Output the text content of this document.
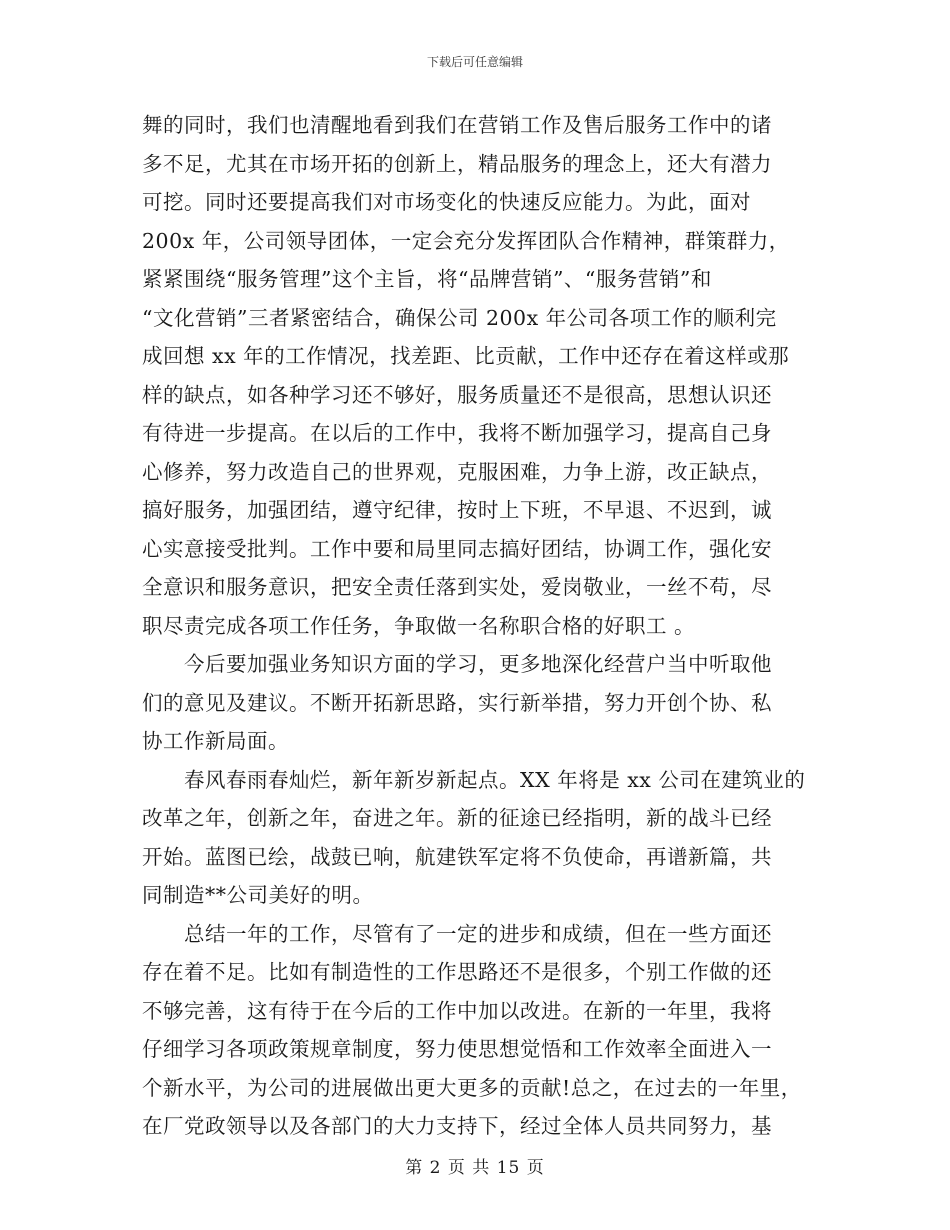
下载后可任意编辑
舞的同时，我们也清醒地看到我们在营销工作及售后服务工作中的诸
多不足，尤其在市场开拓的创新上，精品服务的理念上，还大有潜力
可挖。同时还要提高我们对市场变化的快速反应能力。为此，面对
200x 年，公司领导团体，一定会充分发挥团队合作精神，群策群力，
紧紧围绕“服务管理”这个主旨，将“品牌营销”、“服务营销”和
“文化营销”三者紧密结合，确保公司 200x 年公司各项工作的顺利完
成回想 xx 年的工作情况，找差距、比贡献，工作中还存在着这样或那
样的缺点，如各种学习还不够好，服务质量还不是很高，思想认识还
有待进一步提高。在以后的工作中，我将不断加强学习，提高自己身
心修养，努力改造自己的世界观，克服困难，力争上游，改正缺点，
搞好服务，加强团结，遵守纪律，按时上下班，不早退、不迟到，诚
心实意接受批判。工作中要和局里同志搞好团结，协调工作，强化安
全意识和服务意识，把安全责任落到实处，爱岗敬业，一丝不苟，尽
职尽责完成各项工作任务，争取做一名称职合格的好职工 。
今后要加强业务知识方面的学习，更多地深化经营户当中听取他
们的意见及建议。不断开拓新思路，实行新举措，努力开创个协、私
协工作新局面。
春风春雨春灿烂，新年新岁新起点。XX 年将是 xx 公司在建筑业的
改革之年，创新之年，奋进之年。新的征途已经指明，新的战斗已经
开始。蓝图已绘，战鼓已响，航建铁军定将不负使命，再谱新篇，共
同制造**公司美好的明。
总结一年的工作，尽管有了一定的进步和成绩，但在一些方面还
存在着不足。比如有制造性的工作思路还不是很多，个别工作做的还
不够完善，这有待于在今后的工作中加以改进。在新的一年里，我将
仔细学习各项政策规章制度，努力使思想觉悟和工作效率全面进入一
个新水平，为公司的进展做出更大更多的贡献!总之，在过去的一年里，
在厂党政领导以及各部门的大力支持下，经过全体人员共同努力，基
第 2 页 共 15 页
